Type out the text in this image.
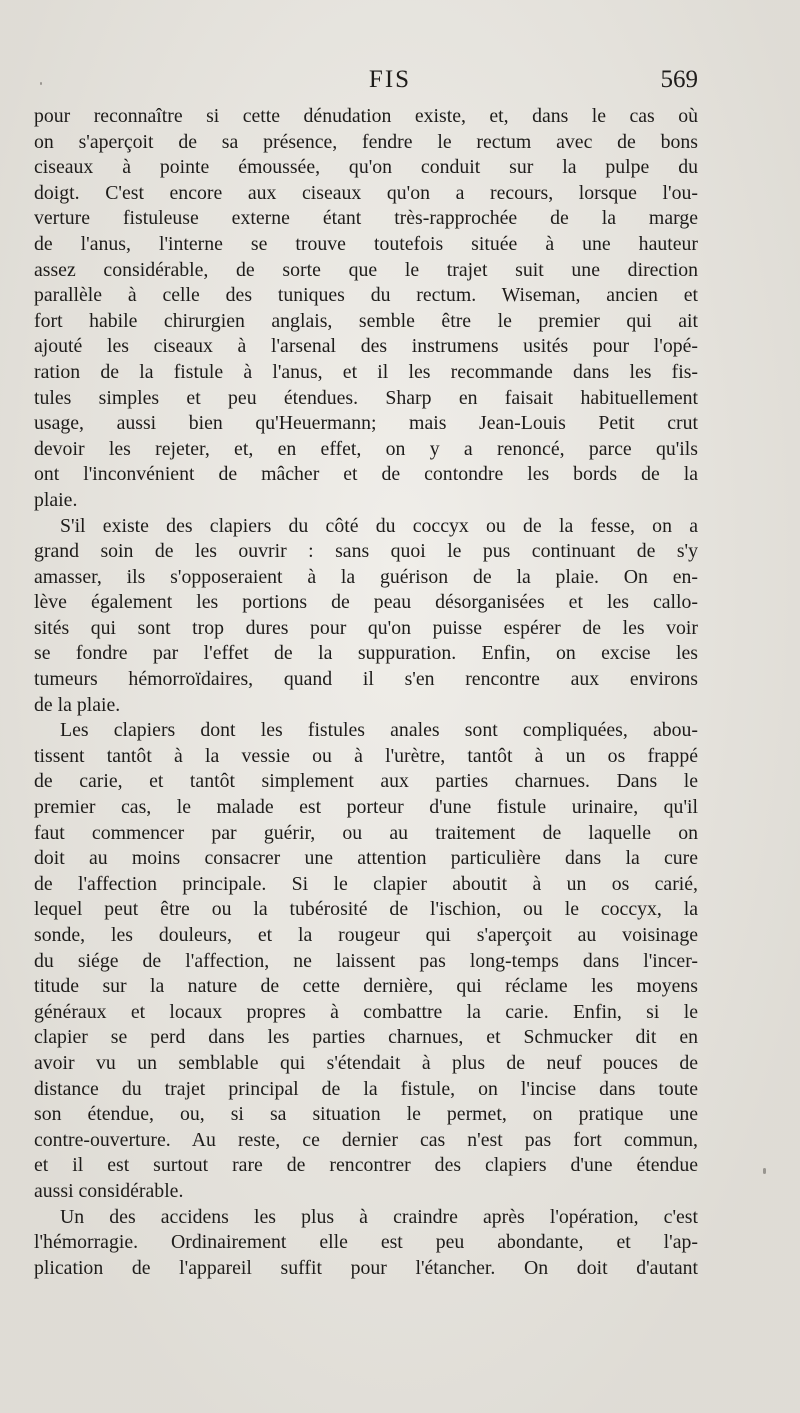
FIS	569

pour reconnaître si cette dénudation existe, et, dans le cas où
on s'aperçoit de sa présence, fendre le rectum avec de bons
ciseaux à pointe émoussée, qu'on conduit sur la pulpe du
doigt. C'est encore aux ciseaux qu'on a recours, lorsque l'ou-
verture fistuleuse externe étant très-rapprochée de la marge
de l'anus, l'interne se trouve toutefois située à une hauteur
assez considérable, de sorte que le trajet suit une direction
parallèle à celle des tuniques du rectum. Wiseman, ancien et
fort habile chirurgien anglais, semble être le premier qui ait
ajouté les ciseaux à l'arsenal des instrumens usités pour l'opé-
ration de la fistule à l'anus, et il les recommande dans les fis-
tules simples et peu étendues. Sharp en faisait habituellement
usage, aussi bien qu'Heuermann; mais Jean-Louis Petit crut
devoir les rejeter, et, en effet, on y a renoncé, parce qu'ils
ont l'inconvénient de mâcher et de contondre les bords de la
plaie.

S'il existe des clapiers du côté du coccyx ou de la fesse, on a
grand soin de les ouvrir : sans quoi le pus continuant de s'y
amasser, ils s'opposeraient à la guérison de la plaie. On en-
lève également les portions de peau désorganisées et les callo-
sités qui sont trop dures pour qu'on puisse espérer de les voir
se fondre par l'effet de la suppuration. Enfin, on excise les
tumeurs hémorroïdaires, quand il s'en rencontre aux environs
de la plaie.

Les clapiers dont les fistules anales sont compliquées, abou-
tissent tantôt à la vessie ou à l'urètre, tantôt à un os frappé
de carie, et tantôt simplement aux parties charnues. Dans le
premier cas, le malade est porteur d'une fistule urinaire, qu'il
faut commencer par guérir, ou au traitement de laquelle on
doit au moins consacrer une attention particulière dans la cure
de l'affection principale. Si le clapier aboutit à un os carié,
lequel peut être ou la tubérosité de l'ischion, ou le coccyx, la
sonde, les douleurs, et la rougeur qui s'aperçoit au voisinage
du siége de l'affection, ne laissent pas long-temps dans l'incer-
titude sur la nature de cette dernière, qui réclame les moyens
généraux et locaux propres à combattre la carie. Enfin, si le
clapier se perd dans les parties charnues, et Schmucker dit en
avoir vu un semblable qui s'étendait à plus de neuf pouces de
distance du trajet principal de la fistule, on l'incise dans toute
son étendue, ou, si sa situation le permet, on pratique une
contre-ouverture. Au reste, ce dernier cas n'est pas fort commun,
et il est surtout rare de rencontrer des clapiers d'une étendue
aussi considérable.

Un des accidens les plus à craindre après l'opération, c'est
l'hémorragie. Ordinairement elle est peu abondante, et l'ap-
plication de l'appareil suffit pour l'étancher. On doit d'autant
